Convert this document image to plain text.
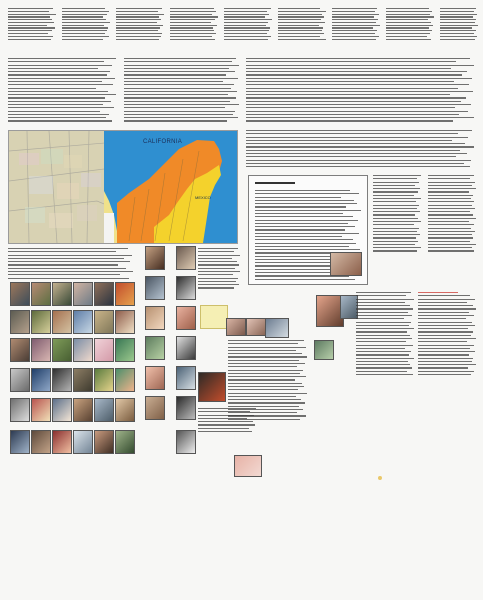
CALIFORNIA
MEXICO
